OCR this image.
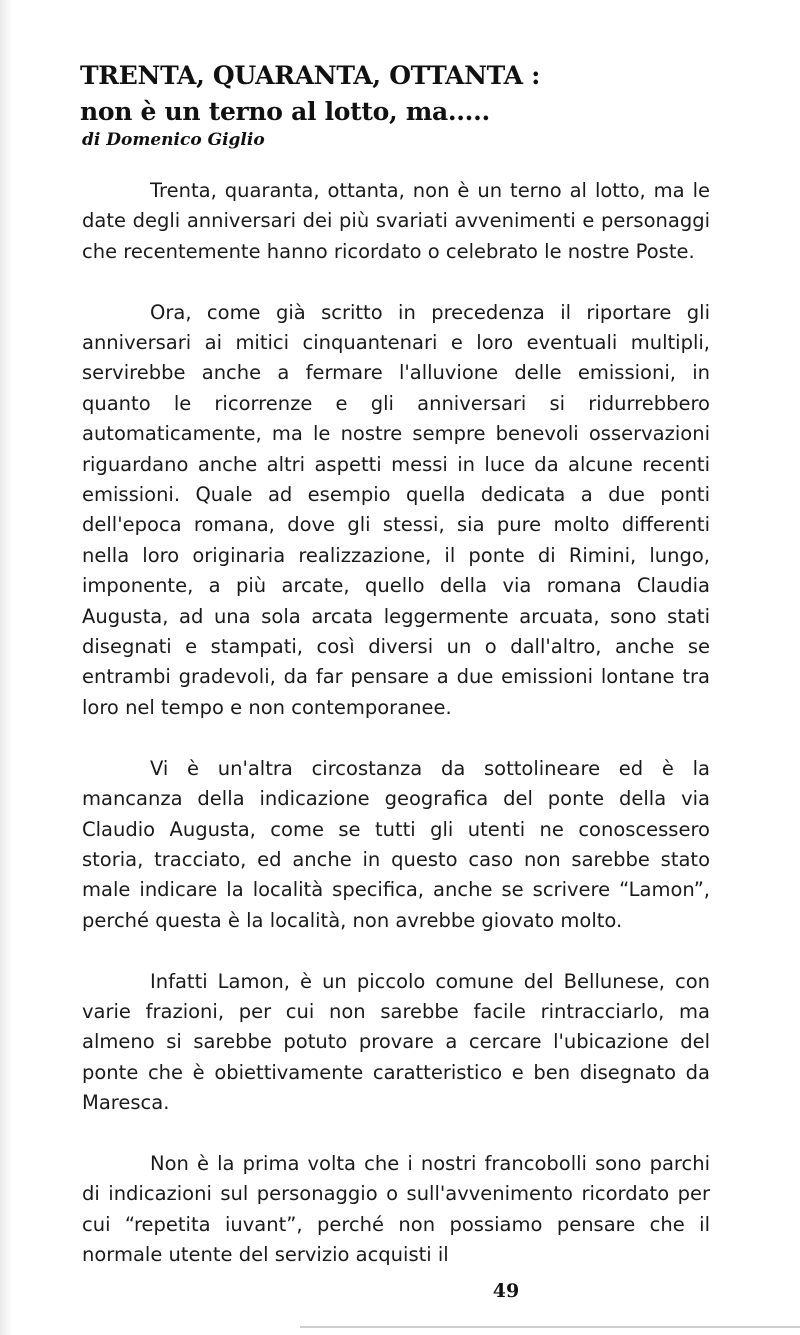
TRENTA, QUARANTA, OTTANTA :
non è un terno al lotto, ma.....

di Domenico Giglio

Trenta, quaranta, ottanta, non è un terno al lotto, ma le date degli anniversari dei più svariati avvenimenti e personaggi che recentemente hanno ricordato o celebrato le nostre Poste.

Ora, come già scritto in precedenza il riportare gli anniversari ai mitici cinquantenari e loro eventuali multipli, servirebbe anche a fermare l'alluvione delle emissioni, in quanto le ricorrenze e gli anniversari si ridurrebbero automaticamente, ma le nostre sempre benevoli osservazioni riguardano anche altri aspetti messi in luce da alcune recenti emissioni. Quale ad esempio quella dedicata a due ponti dell'epoca romana, dove gli stessi, sia pure molto differenti nella loro originaria realizzazione, il ponte di Rimini, lungo, imponente, a più arcate, quello della via romana Claudia Augusta, ad una sola arcata leggermente arcuata, sono stati disegnati e stampati, così diversi un o dall'altro, anche se entrambi gradevoli, da far pensare a due emissioni lontane tra loro nel tempo e non contemporanee.

Vi è un'altra circostanza da sottolineare ed è la mancanza della indicazione geografica del ponte della via Claudio Augusta, come se tutti gli utenti ne conoscessero storia, tracciato, ed anche in questo caso non sarebbe stato male indicare la località specifica, anche se scrivere “Lamon”, perché questa è la località, non avrebbe giovato molto.

Infatti Lamon, è un piccolo comune del Bellunese, con varie frazioni, per cui non sarebbe facile rintracciarlo, ma almeno si sarebbe potuto provare a cercare l'ubicazione del ponte che è obiettivamente caratteristico e ben disegnato da Maresca.

Non è la prima volta che i nostri francobolli sono parchi di indicazioni sul personaggio o sull'avvenimento ricordato per cui “repetita iuvant”, perché non possiamo pensare che il normale utente del servizio acquisti il

49
